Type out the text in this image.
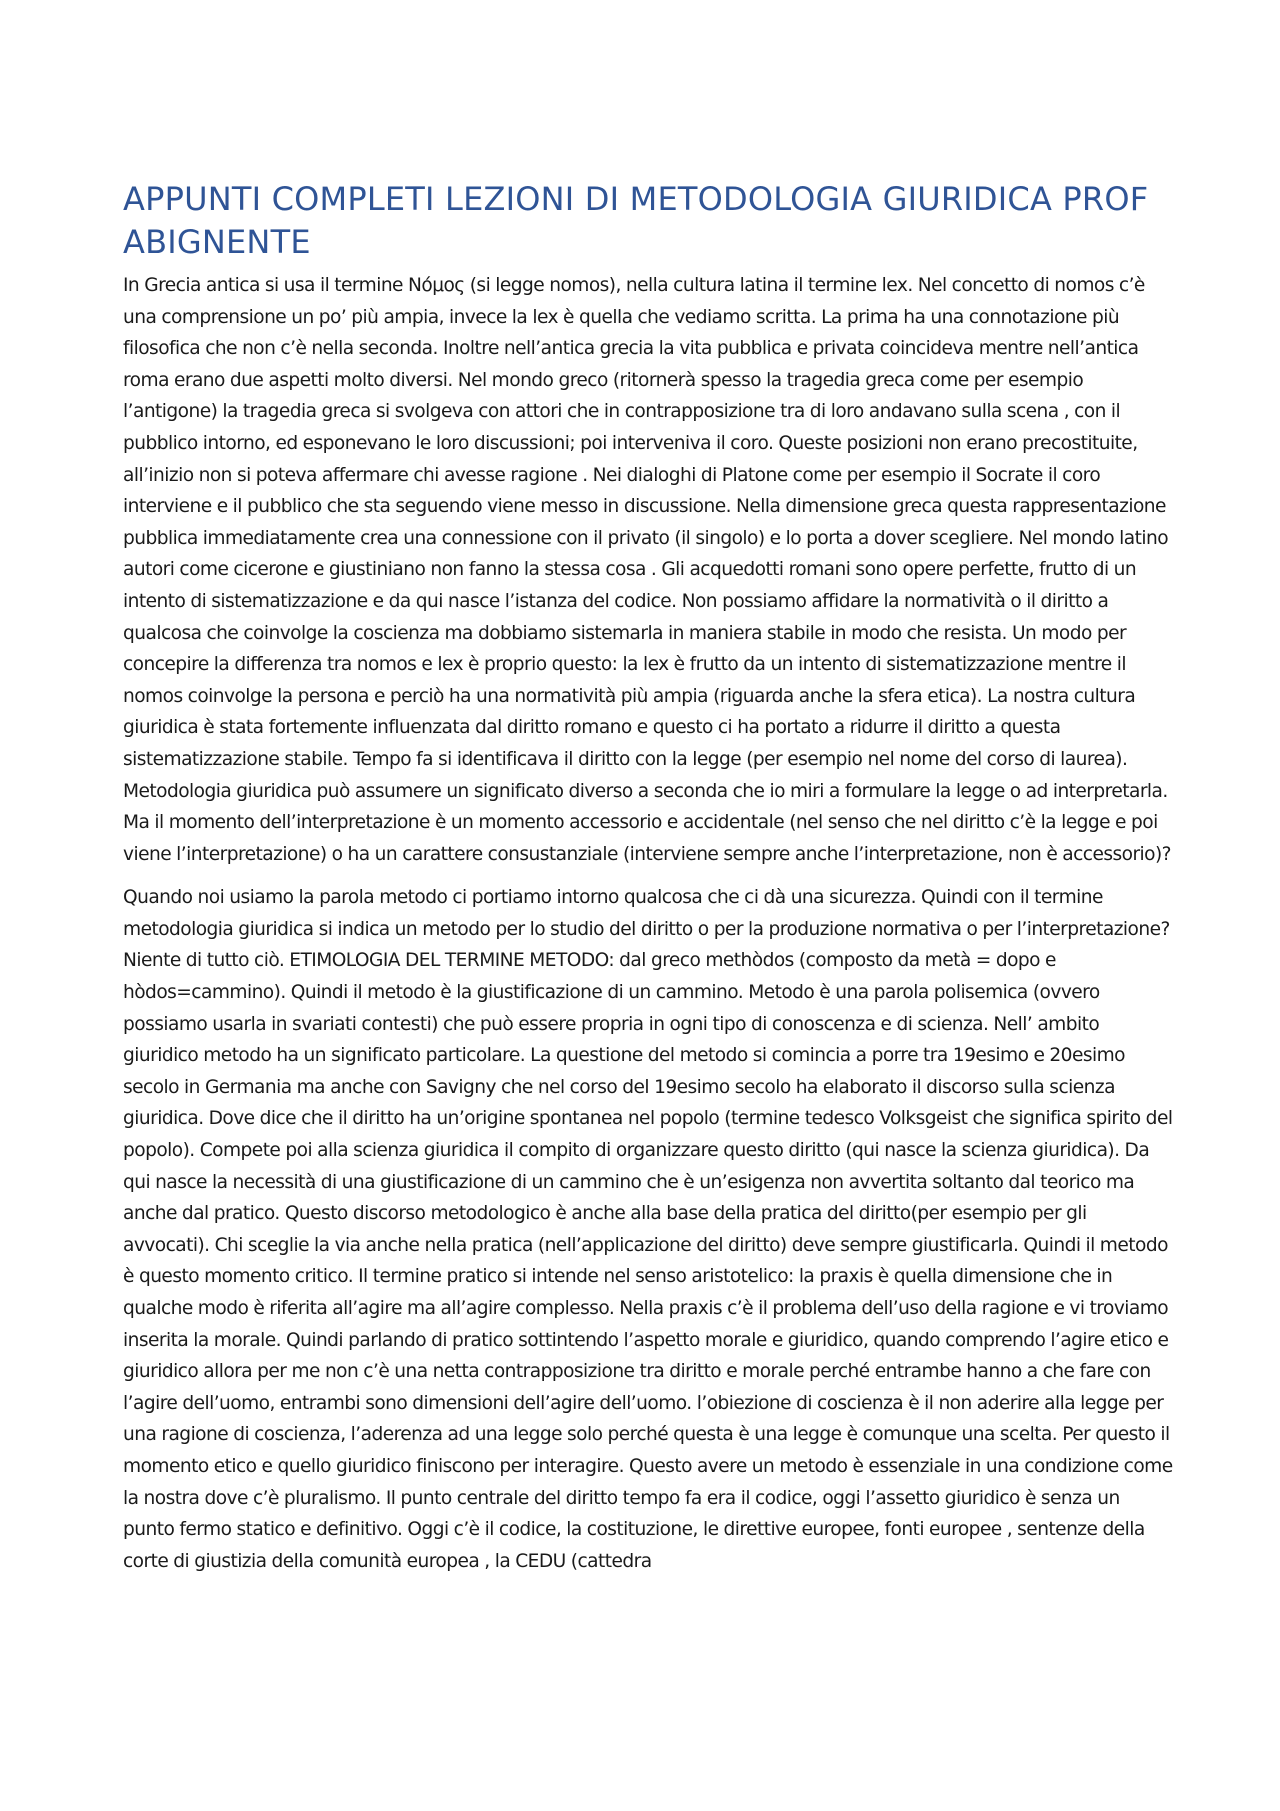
APPUNTI COMPLETI LEZIONI DI METODOLOGIA GIURIDICA PROF ABIGNENTE

In Grecia antica si usa il termine Nόμος (si legge nomos), nella cultura latina il termine lex. Nel concetto di nomos c’è una comprensione un po’ più ampia, invece la lex è quella che vediamo scritta. La prima ha una connotazione più filosofica che non c’è nella seconda. Inoltre nell’antica grecia la vita pubblica e privata coincideva mentre nell’antica roma erano due aspetti molto diversi. Nel mondo greco (ritornerà spesso la tragedia greca come per esempio l’antigone) la tragedia greca si svolgeva con attori che in contrapposizione tra di loro andavano sulla scena , con il pubblico intorno, ed esponevano le loro discussioni; poi interveniva il coro. Queste posizioni non erano precostituite, all’inizio non si poteva affermare chi avesse ragione . Nei dialoghi di Platone come per esempio il Socrate il coro interviene e il pubblico che sta seguendo viene messo in discussione. Nella dimensione greca questa rappresentazione pubblica immediatamente crea una connessione con il privato (il singolo) e lo porta a dover scegliere. Nel mondo latino autori come cicerone e giustiniano non fanno la stessa cosa . Gli acquedotti romani sono opere perfette, frutto di un intento di sistematizzazione e da qui nasce l’istanza del codice. Non possiamo affidare la normatività o il diritto a qualcosa che coinvolge la coscienza ma dobbiamo sistemarla in maniera stabile in modo che resista. Un modo per concepire la differenza tra nomos e lex è proprio questo: la lex è frutto da un intento di sistematizzazione mentre il nomos coinvolge la persona e perciò ha una normatività più ampia (riguarda anche la sfera etica). La nostra cultura giuridica è stata fortemente influenzata dal diritto romano e questo ci ha portato a ridurre il diritto a questa sistematizzazione stabile. Tempo fa si identificava il diritto con la legge (per esempio nel nome del corso di laurea). Metodologia giuridica può assumere un significato diverso a seconda che io miri a formulare la legge o ad interpretarla. Ma il momento dell’interpretazione è un momento accessorio e accidentale (nel senso che nel diritto c’è la legge e poi viene l’interpretazione) o ha un carattere consustanziale (interviene sempre anche l’interpretazione, non è accessorio)?

Quando noi usiamo la parola metodo ci portiamo intorno qualcosa che ci dà una sicurezza. Quindi con il termine metodologia giuridica si indica un metodo per lo studio del diritto o per la produzione normativa o per l’interpretazione? Niente di tutto ciò. ETIMOLOGIA DEL TERMINE METODO: dal greco methòdos (composto da metà = dopo e hòdos=cammino). Quindi il metodo è la giustificazione di un cammino. Metodo è una parola polisemica (ovvero possiamo usarla in svariati contesti) che può essere propria in ogni tipo di conoscenza e di scienza. Nell’ ambito giuridico metodo ha un significato particolare. La questione del metodo si comincia a porre tra 19esimo e 20esimo secolo in Germania ma anche con Savigny che nel corso del 19esimo secolo ha elaborato il discorso sulla scienza giuridica. Dove dice che il diritto ha un’origine spontanea nel popolo (termine tedesco Volksgeist che significa spirito del popolo). Compete poi alla scienza giuridica il compito di organizzare questo diritto (qui nasce la scienza giuridica). Da qui nasce la necessità di una giustificazione di un cammino che è un’esigenza non avvertita soltanto dal teorico ma anche dal pratico. Questo discorso metodologico è anche alla base della pratica del diritto(per esempio per gli avvocati). Chi sceglie la via anche nella pratica (nell’applicazione del diritto) deve sempre giustificarla. Quindi il metodo è questo momento critico. Il termine pratico si intende nel senso aristotelico: la praxis è quella dimensione che in qualche modo è riferita all’agire ma all’agire complesso. Nella praxis c’è il problema dell’uso della ragione e vi troviamo inserita la morale. Quindi parlando di pratico sottintendo l’aspetto morale e giuridico, quando comprendo l’agire etico e giuridico allora per me non c’è una netta contrapposizione tra diritto e morale perché entrambe hanno a che fare con l’agire dell’uomo, entrambi sono dimensioni dell’agire dell’uomo. l’obiezione di coscienza è il non aderire alla legge per una ragione di coscienza, l’aderenza ad una legge solo perché questa è una legge è comunque una scelta. Per questo il momento etico e quello giuridico finiscono per interagire. Questo avere un metodo è essenziale in una condizione come la nostra dove c’è pluralismo. Il punto centrale del diritto tempo fa era il codice, oggi l’assetto giuridico è senza un punto fermo statico e definitivo. Oggi c’è il codice, la costituzione, le direttive europee, fonti europee , sentenze della corte di giustizia della comunità europea , la CEDU (cattedra
